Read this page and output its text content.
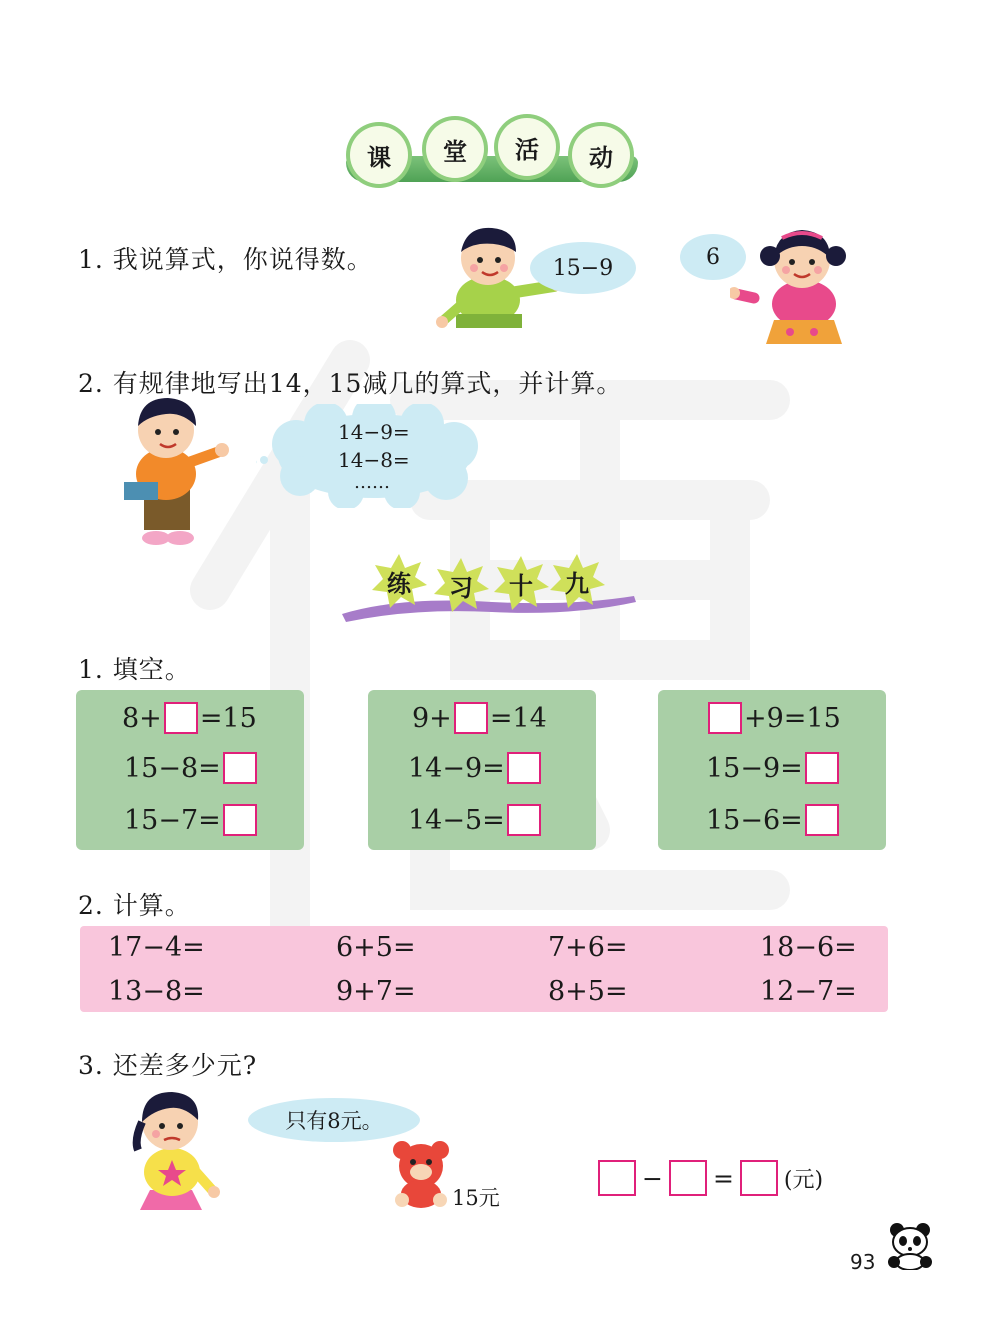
课 堂 活 动
1. 我说算式，你说得数。	15−9	6
2. 有规律地写出14，15减几的算式，并计算。
14−9=
14−8=
……
练 习 十 九
1. 填空。
8+ =15
15−8=
15−7=
9+ =14
14−9=
14−5=
+9=15
15−9=
15−6=
2. 计算。
17−4=	6+5=	7+6=	18−6=
13−8=	9+7=	8+5=	12−7=
3. 还差多少元?
只有8元。
15元
− = (元)
93
